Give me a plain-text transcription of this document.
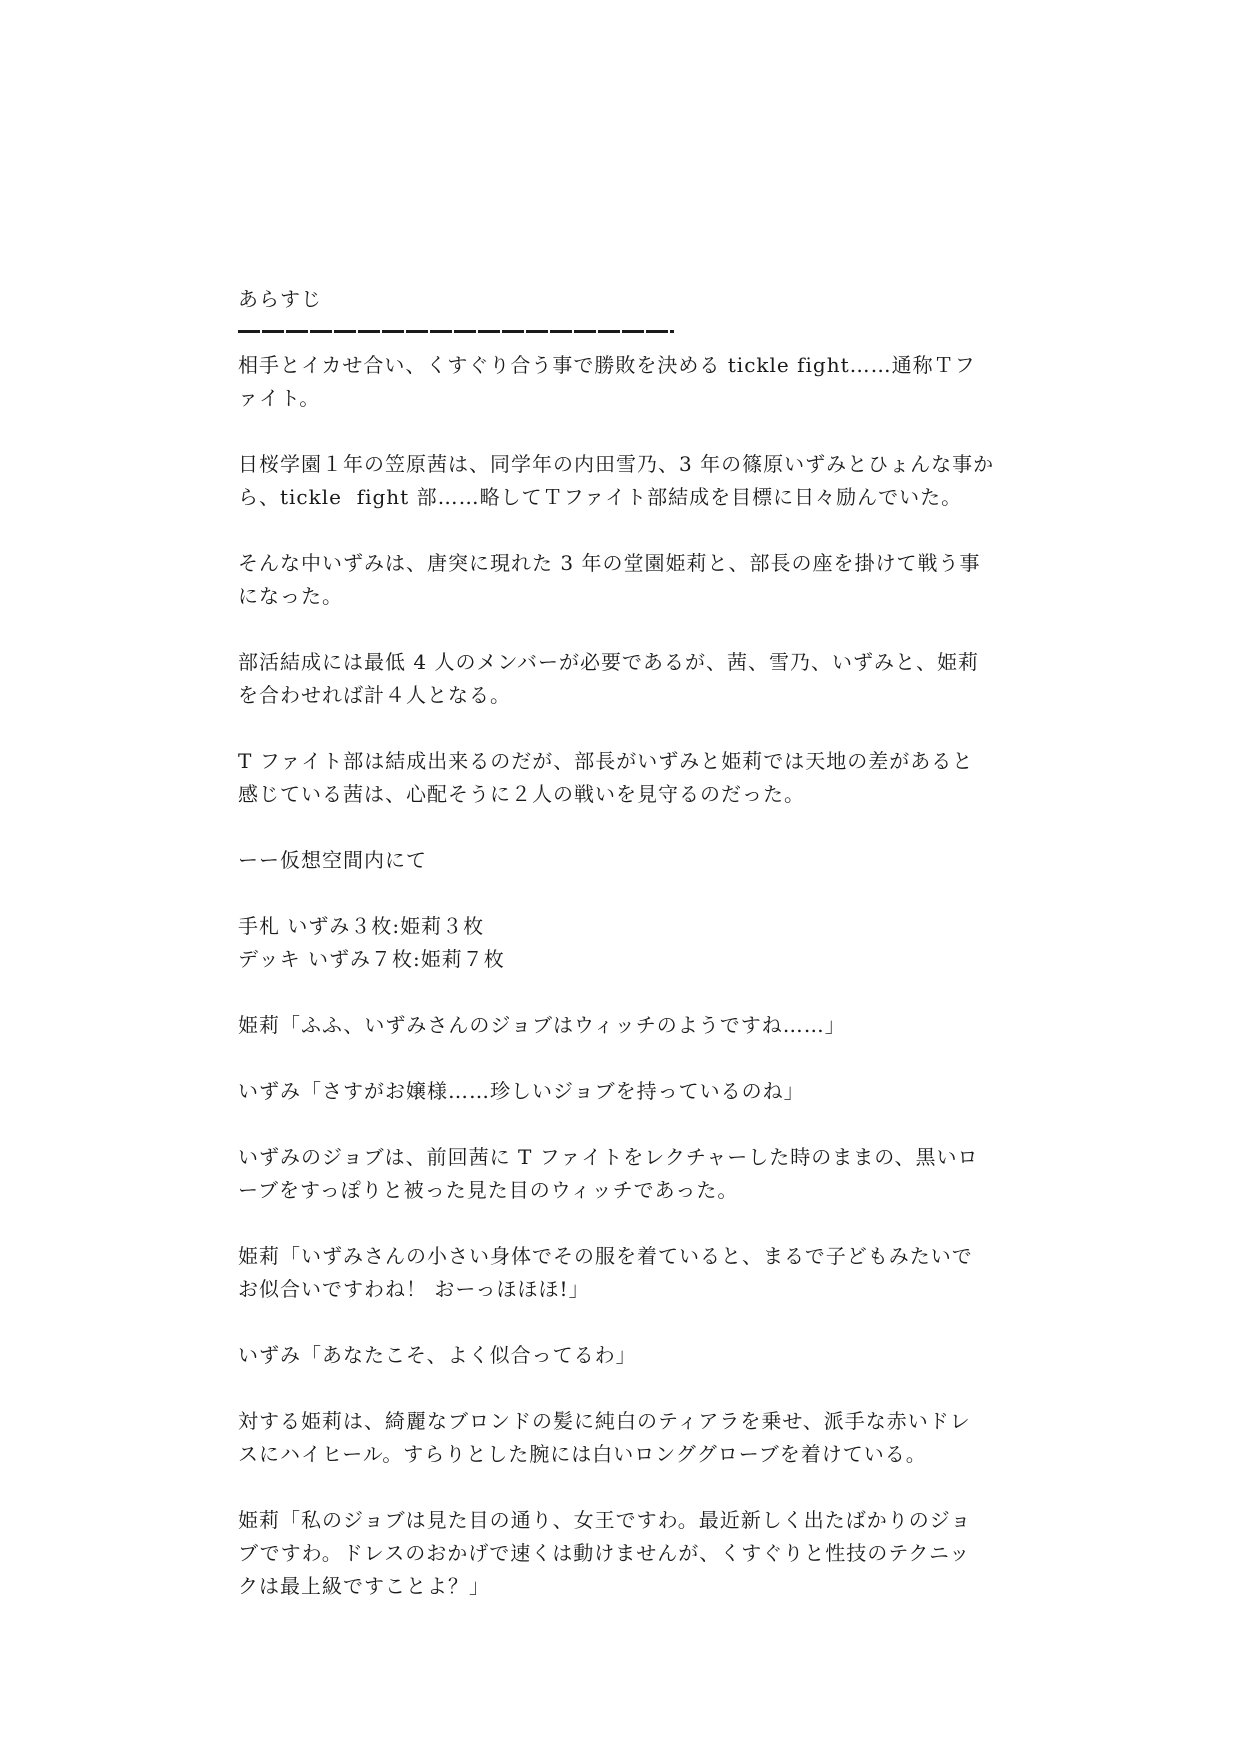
あらすじ
相手とイカせ合い、くすぐり合う事で勝敗を決める tickle fight……通称Ｔフ
ァイト。
日桜学園１年の笠原茜は、同学年の内田雪乃、3 年の篠原いずみとひょんな事か
ら、tickle  fight 部……略してＴファイト部結成を目標に日々励んでいた。
そんな中いずみは、唐突に現れた 3 年の堂園姫莉と、部長の座を掛けて戦う事
になった。
部活結成には最低 4 人のメンバーが必要であるが、茜、雪乃、いずみと、姫莉
を合わせれば計４人となる。
T ファイト部は結成出来るのだが、部長がいずみと姫莉では天地の差があると
感じている茜は、心配そうに２人の戦いを見守るのだった。
ーー仮想空間内にて
手札 いずみ３枚:姫莉３枚
デッキ いずみ７枚:姫莉７枚
姫莉「ふふ、いずみさんのジョブはウィッチのようですね……」
いずみ「さすがお嬢様……珍しいジョブを持っているのね」
いずみのジョブは、前回茜に T ファイトをレクチャーした時のままの、黒いロ
ーブをすっぽりと被った見た目のウィッチであった。
姫莉「いずみさんの小さい身体でその服を着ていると、まるで子どもみたいで
お似合いですわね！ おーっほほほ!」
いずみ「あなたこそ、よく似合ってるわ」
対する姫莉は、綺麗なブロンドの髪に純白のティアラを乗せ、派手な赤いドレ
スにハイヒール。すらりとした腕には白いロンググローブを着けている。
姫莉「私のジョブは見た目の通り、女王ですわ。最近新しく出たばかりのジョ
ブですわ。ドレスのおかげで速くは動けませんが、くすぐりと性技のテクニッ
クは最上級ですことよ？」
